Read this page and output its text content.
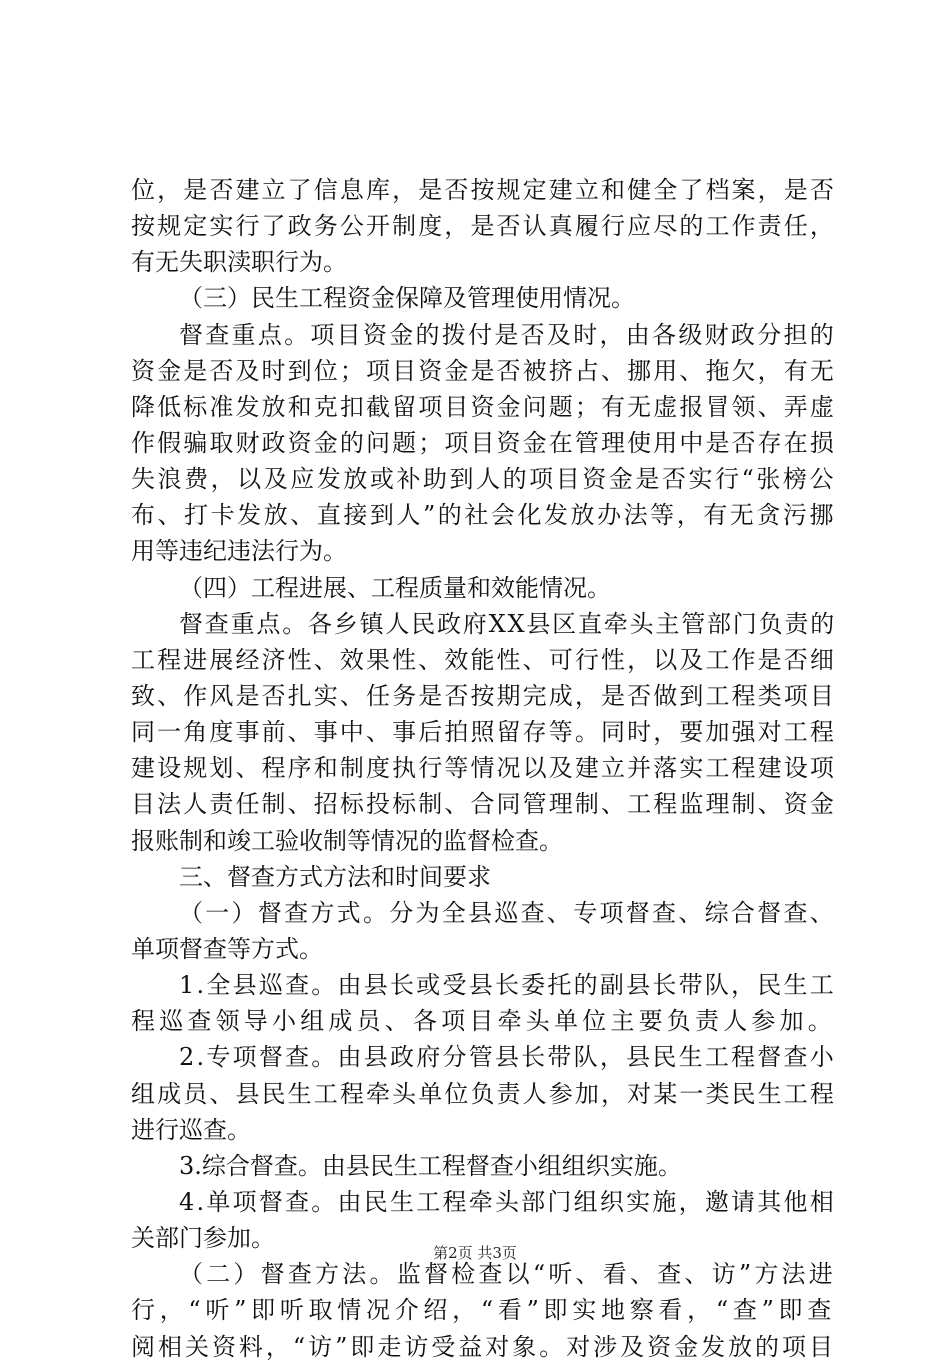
位，是否建立了信息库，是否按规定建立和健全了档案，是否
按规定实行了政务公开制度，是否认真履行应尽的工作责任，
有无失职渎职行为。
（三）民生工程资金保障及管理使用情况。
督查重点。项目资金的拨付是否及时，由各级财政分担的
资金是否及时到位；项目资金是否被挤占、挪用、拖欠，有无
降低标准发放和克扣截留项目资金问题；有无虚报冒领、弄虚
作假骗取财政资金的问题；项目资金在管理使用中是否存在损
失浪费，以及应发放或补助到人的项目资金是否实行“张榜公
布、打卡发放、直接到人”的社会化发放办法等，有无贪污挪
用等违纪违法行为。
（四）工程进展、工程质量和效能情况。
督查重点。各乡镇人民政府XX县区直牵头主管部门负责的
工程进展经济性、效果性、效能性、可行性，以及工作是否细
致、作风是否扎实、任务是否按期完成，是否做到工程类项目
同一角度事前、事中、事后拍照留存等。同时，要加强对工程
建设规划、程序和制度执行等情况以及建立并落实工程建设项
目法人责任制、招标投标制、合同管理制、工程监理制、资金
报账制和竣工验收制等情况的监督检查。
三、督查方式方法和时间要求
（一）督查方式。分为全县巡查、专项督查、综合督查、
单项督查等方式。
1.全县巡查。由县长或受县长委托的副县长带队，民生工
程巡查领导小组成员、各项目牵头单位主要负责人参加。
2.专项督查。由县政府分管县长带队，县民生工程督查小
组成员、县民生工程牵头单位负责人参加，对某一类民生工程
进行巡查。
3.综合督查。由县民生工程督查小组组织实施。
4.单项督查。由民生工程牵头部门组织实施，邀请其他相
关部门参加。
（二）督查方法。监督检查以“听、看、查、访”方法进
行，“听”即听取情况介绍，“看”即实地察看，“查”即查
阅相关资料，“访”即走访受益对象。对涉及资金发放的项目
第2页 共3页
